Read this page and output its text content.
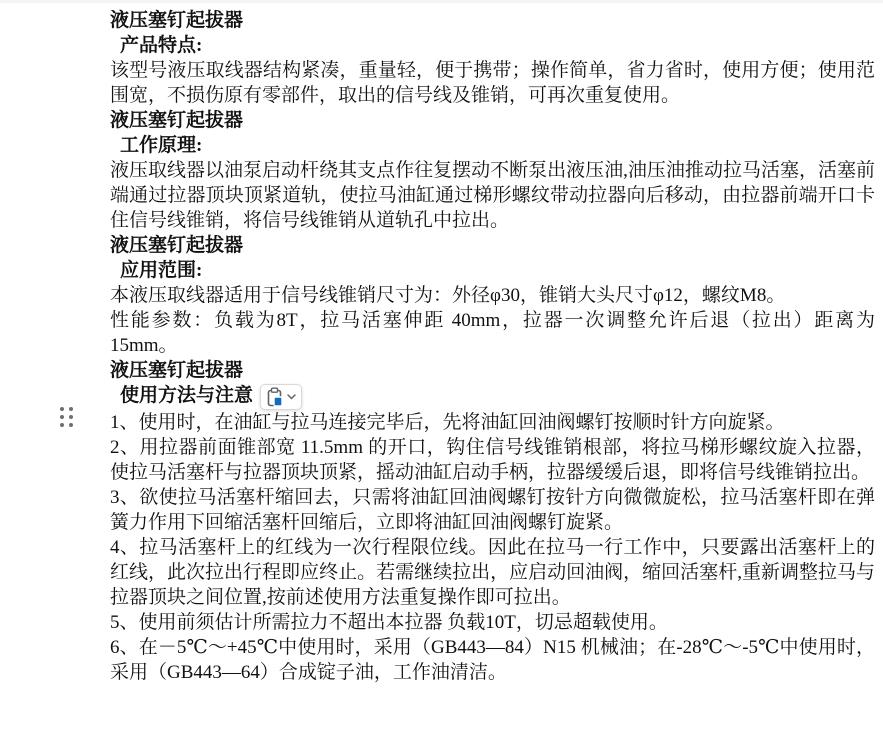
液压塞钉起拔器
产品特点:

该型号液压取线器结构紧凑，重量轻，便于携带；操作简单，省力省时，使用方便；使用范围宽，不损伤原有零部件，取出的信号线及锥销，可再次重复使用。

液压塞钉起拔器
工作原理:

液压取线器以油泵启动杆绕其支点作往复摆动不断泵出液压油,油压油推动拉马活塞，活塞前端通过拉器顶块顶紧道轨，使拉马油缸通过梯形螺纹带动拉器向后移动，由拉器前端开口卡住信号线锥销，将信号线锥销从道轨孔中拉出。

液压塞钉起拔器
应用范围:

本液压取线器适用于信号线锥销尺寸为：外径φ30，锥销大头尺寸φ12，螺纹M8。

性能参数：负载为8T，拉马活塞伸距 40mm，拉器一次调整允许后退（拉出）距离为 15mm。

液压塞钉起拔器
使用方法与注意

1、使用时，在油缸与拉马连接完毕后，先将油缸回油阀螺钉按顺时针方向旋紧。

2、用拉器前面锥部宽 11.5mm 的开口，钩住信号线锥销根部，将拉马梯形螺纹旋入拉器，使拉马活塞杆与拉器顶块顶紧，摇动油缸启动手柄，拉器缓缓后退，即将信号线锥销拉出。

3、欲使拉马活塞杆缩回去，只需将油缸回油阀螺钉按针方向微微旋松，拉马活塞杆即在弹簧力作用下回缩活塞杆回缩后，立即将油缸回油阀螺钉旋紧。

4、拉马活塞杆上的红线为一次行程限位线。因此在拉马一行工作中，只要露出活塞杆上的红线，此次拉出行程即应终止。若需继续拉出，应启动回油阀，缩回活塞杆,重新调整拉马与拉器顶块之间位置,按前述使用方法重复操作即可拉出。

5、使用前须估计所需拉力不超出本拉器 负载10T，切忌超载使用。

6、在－5℃～+45℃中使用时，采用（GB443—84）N15 机械油；在-28℃～-5℃中使用时，采用（GB443—64）合成锭子油，工作油清洁。
